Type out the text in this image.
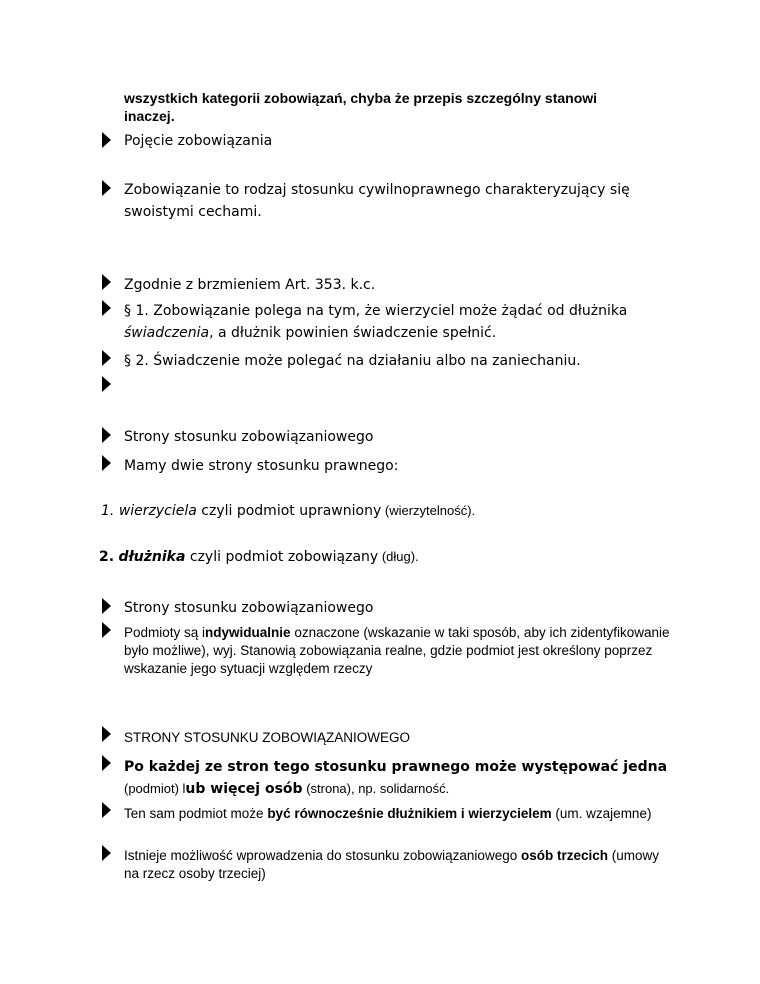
wszystkich kategorii zobowiązań, chyba że przepis szczególny stanowi
inaczej.
Pojęcie zobowiązania
Zobowiązanie to rodzaj stosunku cywilnoprawnego charakteryzujący się
swoistymi cechami.
Zgodnie z brzmieniem Art. 353. k.c.
§ 1. Zobowiązanie polega na tym, że wierzyciel może żądać od dłużnika
świadczenia, a dłużnik powinien świadczenie spełnić.
§ 2. Świadczenie może polegać na działaniu albo na zaniechaniu.
Strony stosunku zobowiązaniowego
Mamy dwie strony stosunku prawnego:
1. wierzyciela czyli podmiot uprawniony (wierzytelność).
2. dłużnika czyli podmiot zobowiązany (dług).
Strony stosunku zobowiązaniowego
Podmioty są indywidualnie oznaczone (wskazanie w taki sposób, aby ich zidentyfikowanie było możliwe), wyj. Stanowią zobowiązania realne, gdzie podmiot jest określony poprzez wskazanie jego sytuacji względem rzeczy
STRONY STOSUNKU ZOBOWIĄZANIOWEGO
Po każdej ze stron tego stosunku prawnego może występować jedna
(podmiot) lub więcej osób (strona), np. solidarność.
Ten sam podmiot może być równocześnie dłużnikiem i wierzycielem (um. wzajemne)
Istnieje możliwość wprowadzenia do stosunku zobowiązaniowego osób trzecich (umowy na rzecz osoby trzeciej)
